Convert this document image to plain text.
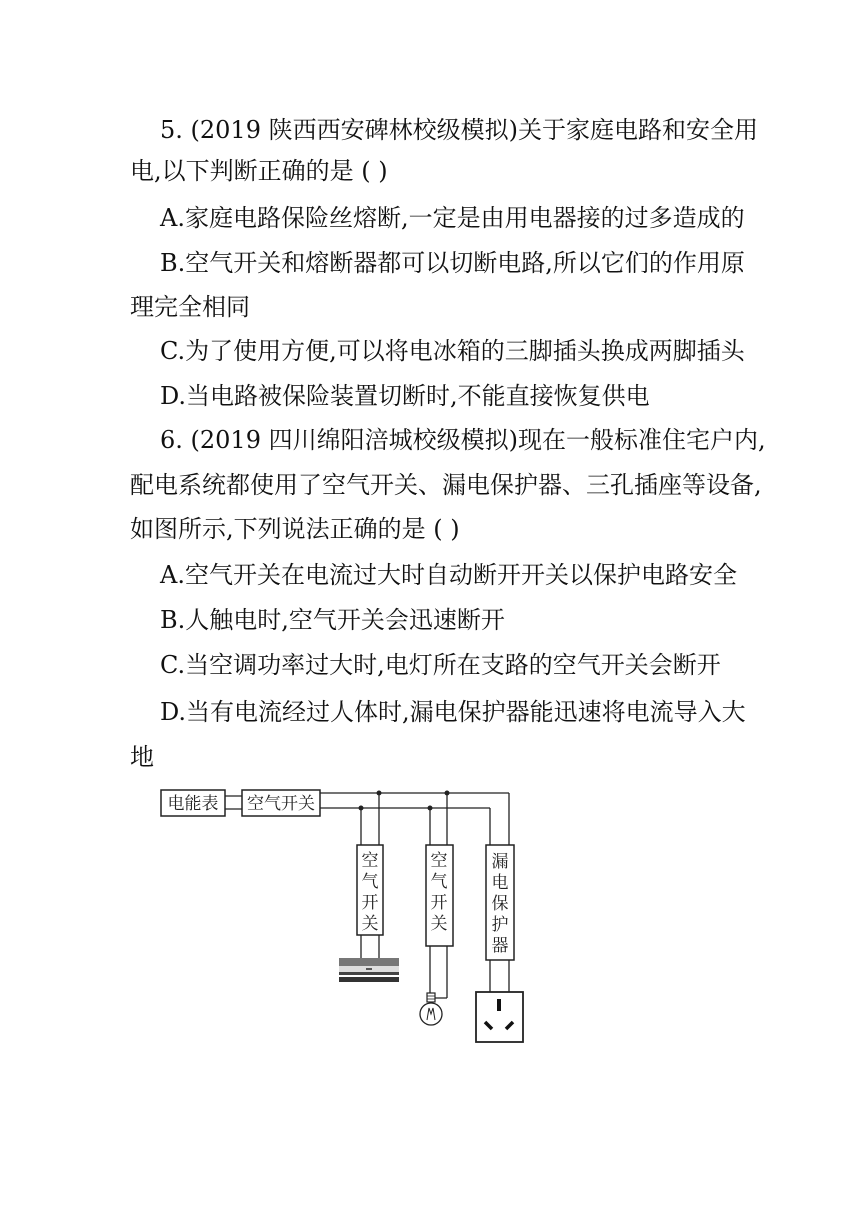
5. (2019 陕西西安碑林校级模拟)关于家庭电路和安全用
电,以下判断正确的是 ( )
A.家庭电路保险丝熔断,一定是由用电器接的过多造成的
B.空气开关和熔断器都可以切断电路,所以它们的作用原
理完全相同
C.为了使用方便,可以将电冰箱的三脚插头换成两脚插头
D.当电路被保险装置切断时,不能直接恢复供电
6. (2019 四川绵阳涪城校级模拟)现在一般标准住宅户内,
配电系统都使用了空气开关、漏电保护器、三孔插座等设备,
如图所示,下列说法正确的是 ( )
A.空气开关在电流过大时自动断开开关以保护电路安全
B.人触电时,空气开关会迅速断开
C.当空调功率过大时,电灯所在支路的空气开关会断开
D.当有电流经过人体时,漏电保护器能迅速将电流导入大
地
电能表 空气开关
空
气
开
关
空
气
开
关
漏
电
保
护
器
